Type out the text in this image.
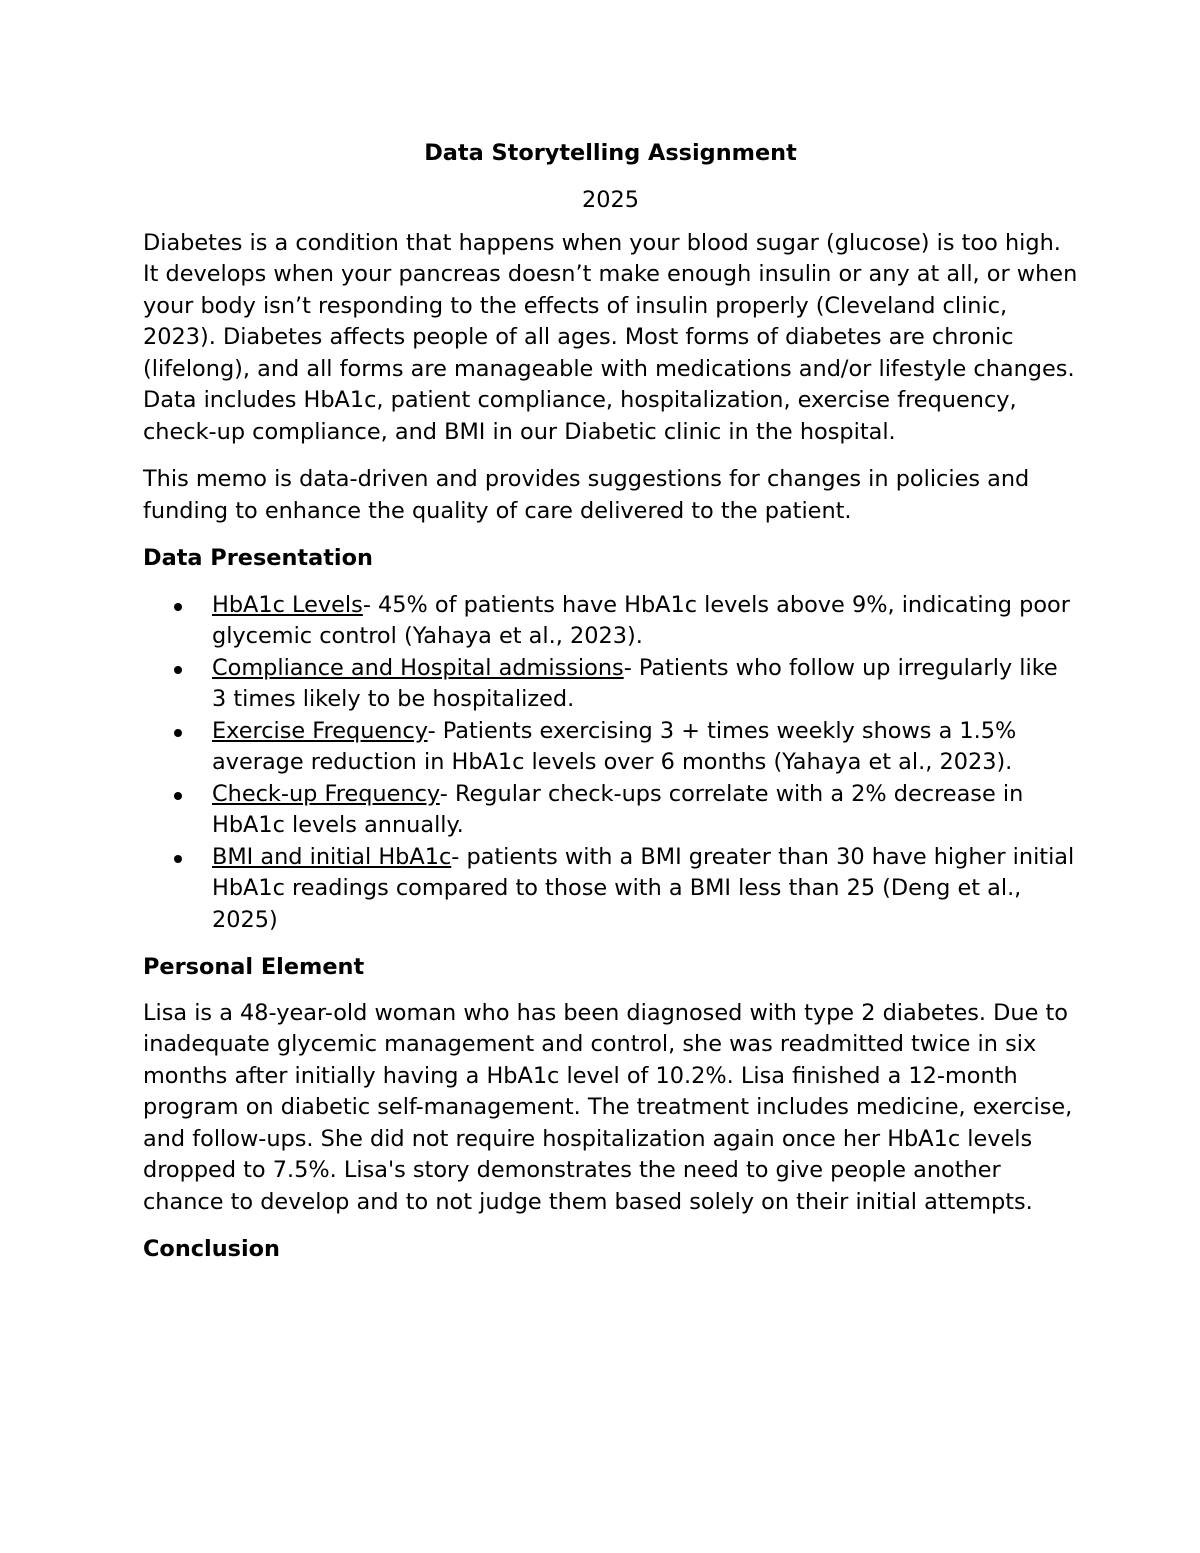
Data Storytelling Assignment
2025

Diabetes is a condition that happens when your blood sugar (glucose) is too high. It develops when your pancreas doesn’t make enough insulin or any at all, or when your body isn’t responding to the effects of insulin properly (Cleveland clinic, 2023). Diabetes affects people of all ages. Most forms of diabetes are chronic (lifelong), and all forms are manageable with medications and/or lifestyle changes. Data includes HbA1c, patient compliance, hospitalization, exercise frequency, check-up compliance, and BMI in our Diabetic clinic in the hospital.

This memo is data-driven and provides suggestions for changes in policies and funding to enhance the quality of care delivered to the patient.

Data Presentation
HbA1c Levels- 45% of patients have HbA1c levels above 9%, indicating poor glycemic control (Yahaya et al., 2023).
Compliance and Hospital admissions- Patients who follow up irregularly like 3 times likely to be hospitalized.
Exercise Frequency- Patients exercising 3 + times weekly shows a 1.5% average reduction in HbA1c levels over 6 months (Yahaya et al., 2023).
Check-up Frequency- Regular check-ups correlate with a 2% decrease in HbA1c levels annually.
BMI and initial HbA1c- patients with a BMI greater than 30 have higher initial HbA1c readings compared to those with a BMI less than 25 (Deng et al., 2025)
Personal Element

Lisa is a 48-year-old woman who has been diagnosed with type 2 diabetes. Due to inadequate glycemic management and control, she was readmitted twice in six months after initially having a HbA1c level of 10.2%. Lisa finished a 12-month program on diabetic self-management. The treatment includes medicine, exercise, and follow-ups. She did not require hospitalization again once her HbA1c levels dropped to 7.5%. Lisa's story demonstrates the need to give people another chance to develop and to not judge them based solely on their initial attempts.

Conclusion
